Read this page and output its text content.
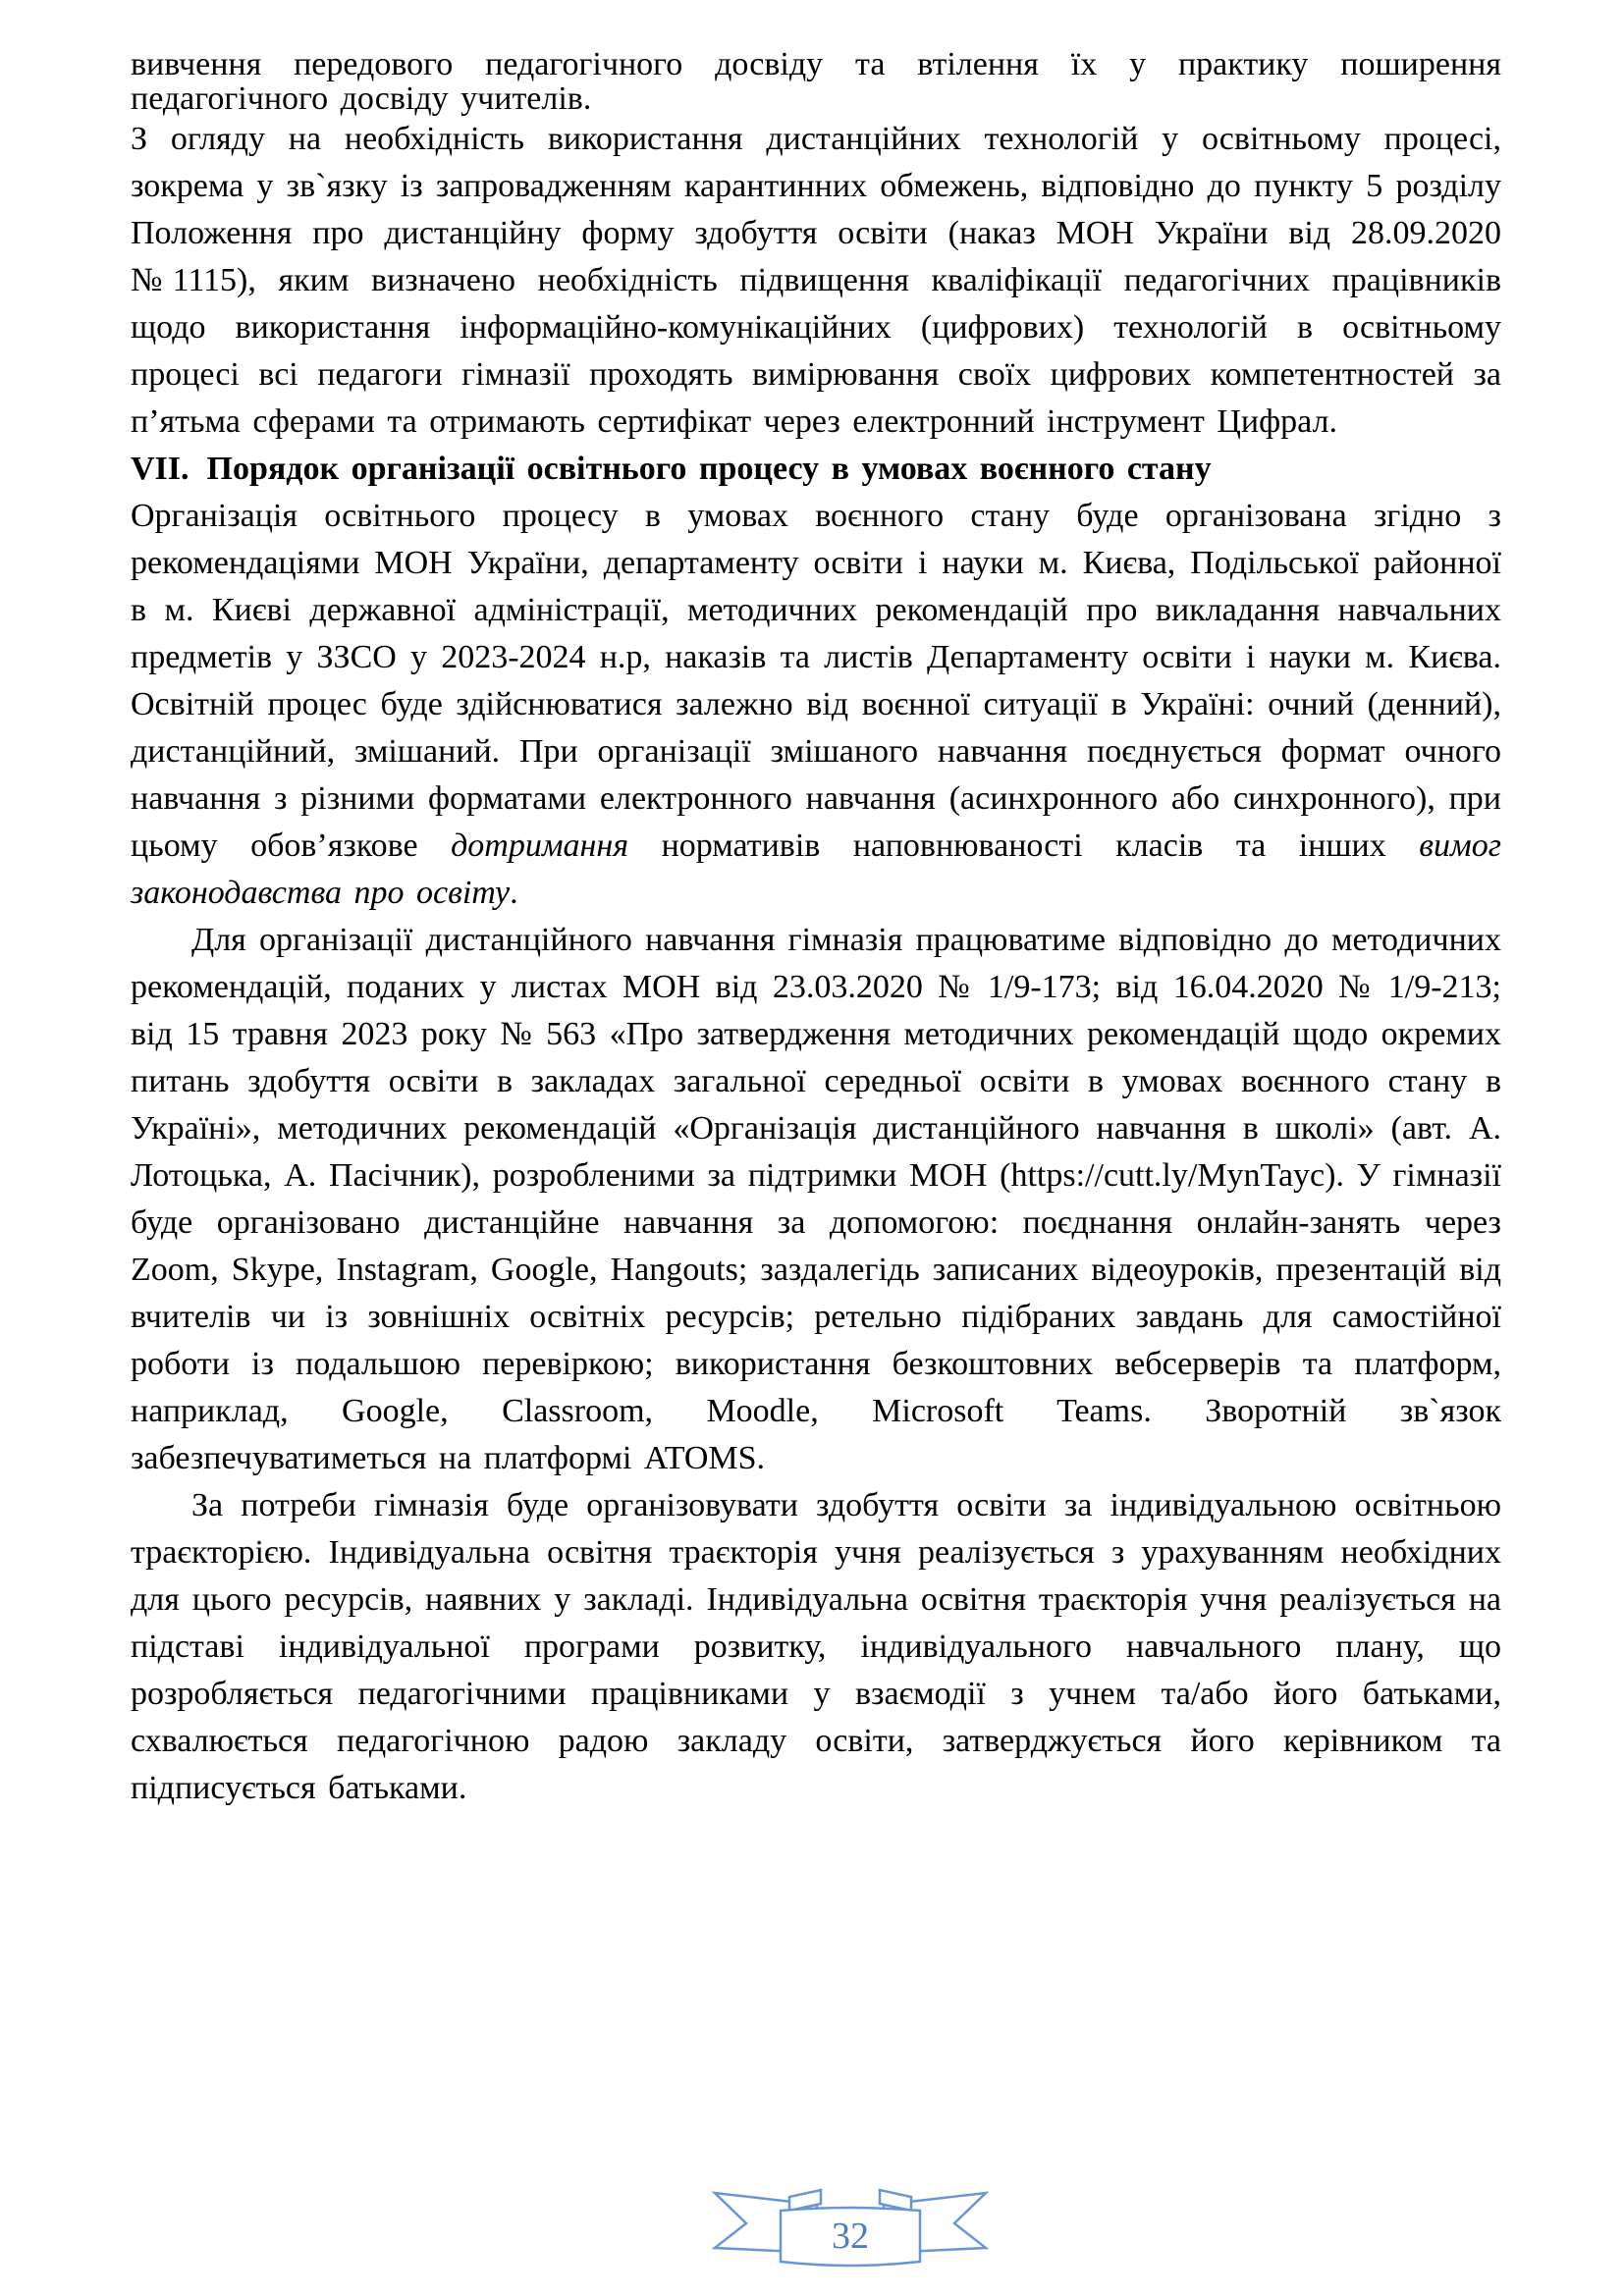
вивчення передового педагогічного досвіду та втілення їх у практику поширення педагогічного досвіду учителів.

З огляду на необхідність використання дистанційних технологій у освітньому процесі, зокрема у зв`язку із запровадженням карантинних обмежень, відповідно до пункту 5 розділу Положення про дистанційну форму здобуття освіти (наказ МОН України від 28.09.2020 №1115), яким визначено необхідність підвищення кваліфікації педагогічних працівників щодо використання інформаційно-комунікаційних (цифрових) технологій в освітньому процесі всі педагоги гімназії проходять вимірювання своїх цифрових компетентностей за п’ятьма сферами та отримають сертифікат через електронний інструмент Цифрал.

VII. Порядок організації освітнього процесу в умовах воєнного стану

Організація освітнього процесу в умовах воєнного стану буде організована згідно з рекомендаціями МОН України, департаменту освіти і науки м. Києва, Подільської районної в м. Києві державної адміністрації, методичних рекомендацій про викладання навчальних предметів у ЗЗСО у 2023-2024 н.р, наказів та листів Департаменту освіти і науки м. Києва. Освітній процес буде здійснюватися залежно від воєнної ситуації в Україні: очний (денний), дистанційний, змішаний. При організації змішаного навчання поєднується формат очного навчання з різними форматами електронного навчання (асинхронного або синхронного), при цьому обов’язкове дотримання нормативів наповнюваності класів та інших вимог законодавства про освіту.

Для організації дистанційного навчання гімназія працюватиме відповідно до методичних рекомендацій, поданих у листах МОН від 23.03.2020 № 1/9-173; від 16.04.2020 № 1/9-213; від 15 травня 2023 року № 563 «Про затвердження методичних рекомендацій щодо окремих питань здобуття освіти в закладах загальної середньої освіти в умовах воєнного стану в Україні», методичних рекомендацій «Організація дистанційного навчання в школі» (авт. А. Лотоцька, А. Пасічник), розробленими за підтримки МОН (https://cutt.ly/MynTayc). У гімназії буде організовано дистанційне навчання за допомогою: поєднання онлайн-занять через Zoom, Skype, Instagram, Google, Hangouts; заздалегідь записаних відеоуроків, презентацій від вчителів чи із зовнішніх освітніх ресурсів; ретельно підібраних завдань для самостійної роботи із подальшою перевіркою; використання безкоштовних вебсерверів та платформ, наприклад, Google, Classroom, Moodle, Microsoft Teams. Зворотній зв`язок забезпечуватиметься на платформі ATOMS.

За потреби гімназія буде організовувати здобуття освіти за індивідуальною освітньою траєкторією. Індивідуальна освітня траєкторія учня реалізується з урахуванням необхідних для цього ресурсів, наявних у закладі. Індивідуальна освітня траєкторія учня реалізується на підставі індивідуальної програми розвитку, індивідуального навчального плану, що розробляється педагогічними працівниками у взаємодії з учнем та/або його батьками, схвалюється педагогічною радою закладу освіти, затверджується його керівником та підписується батьками.

32
